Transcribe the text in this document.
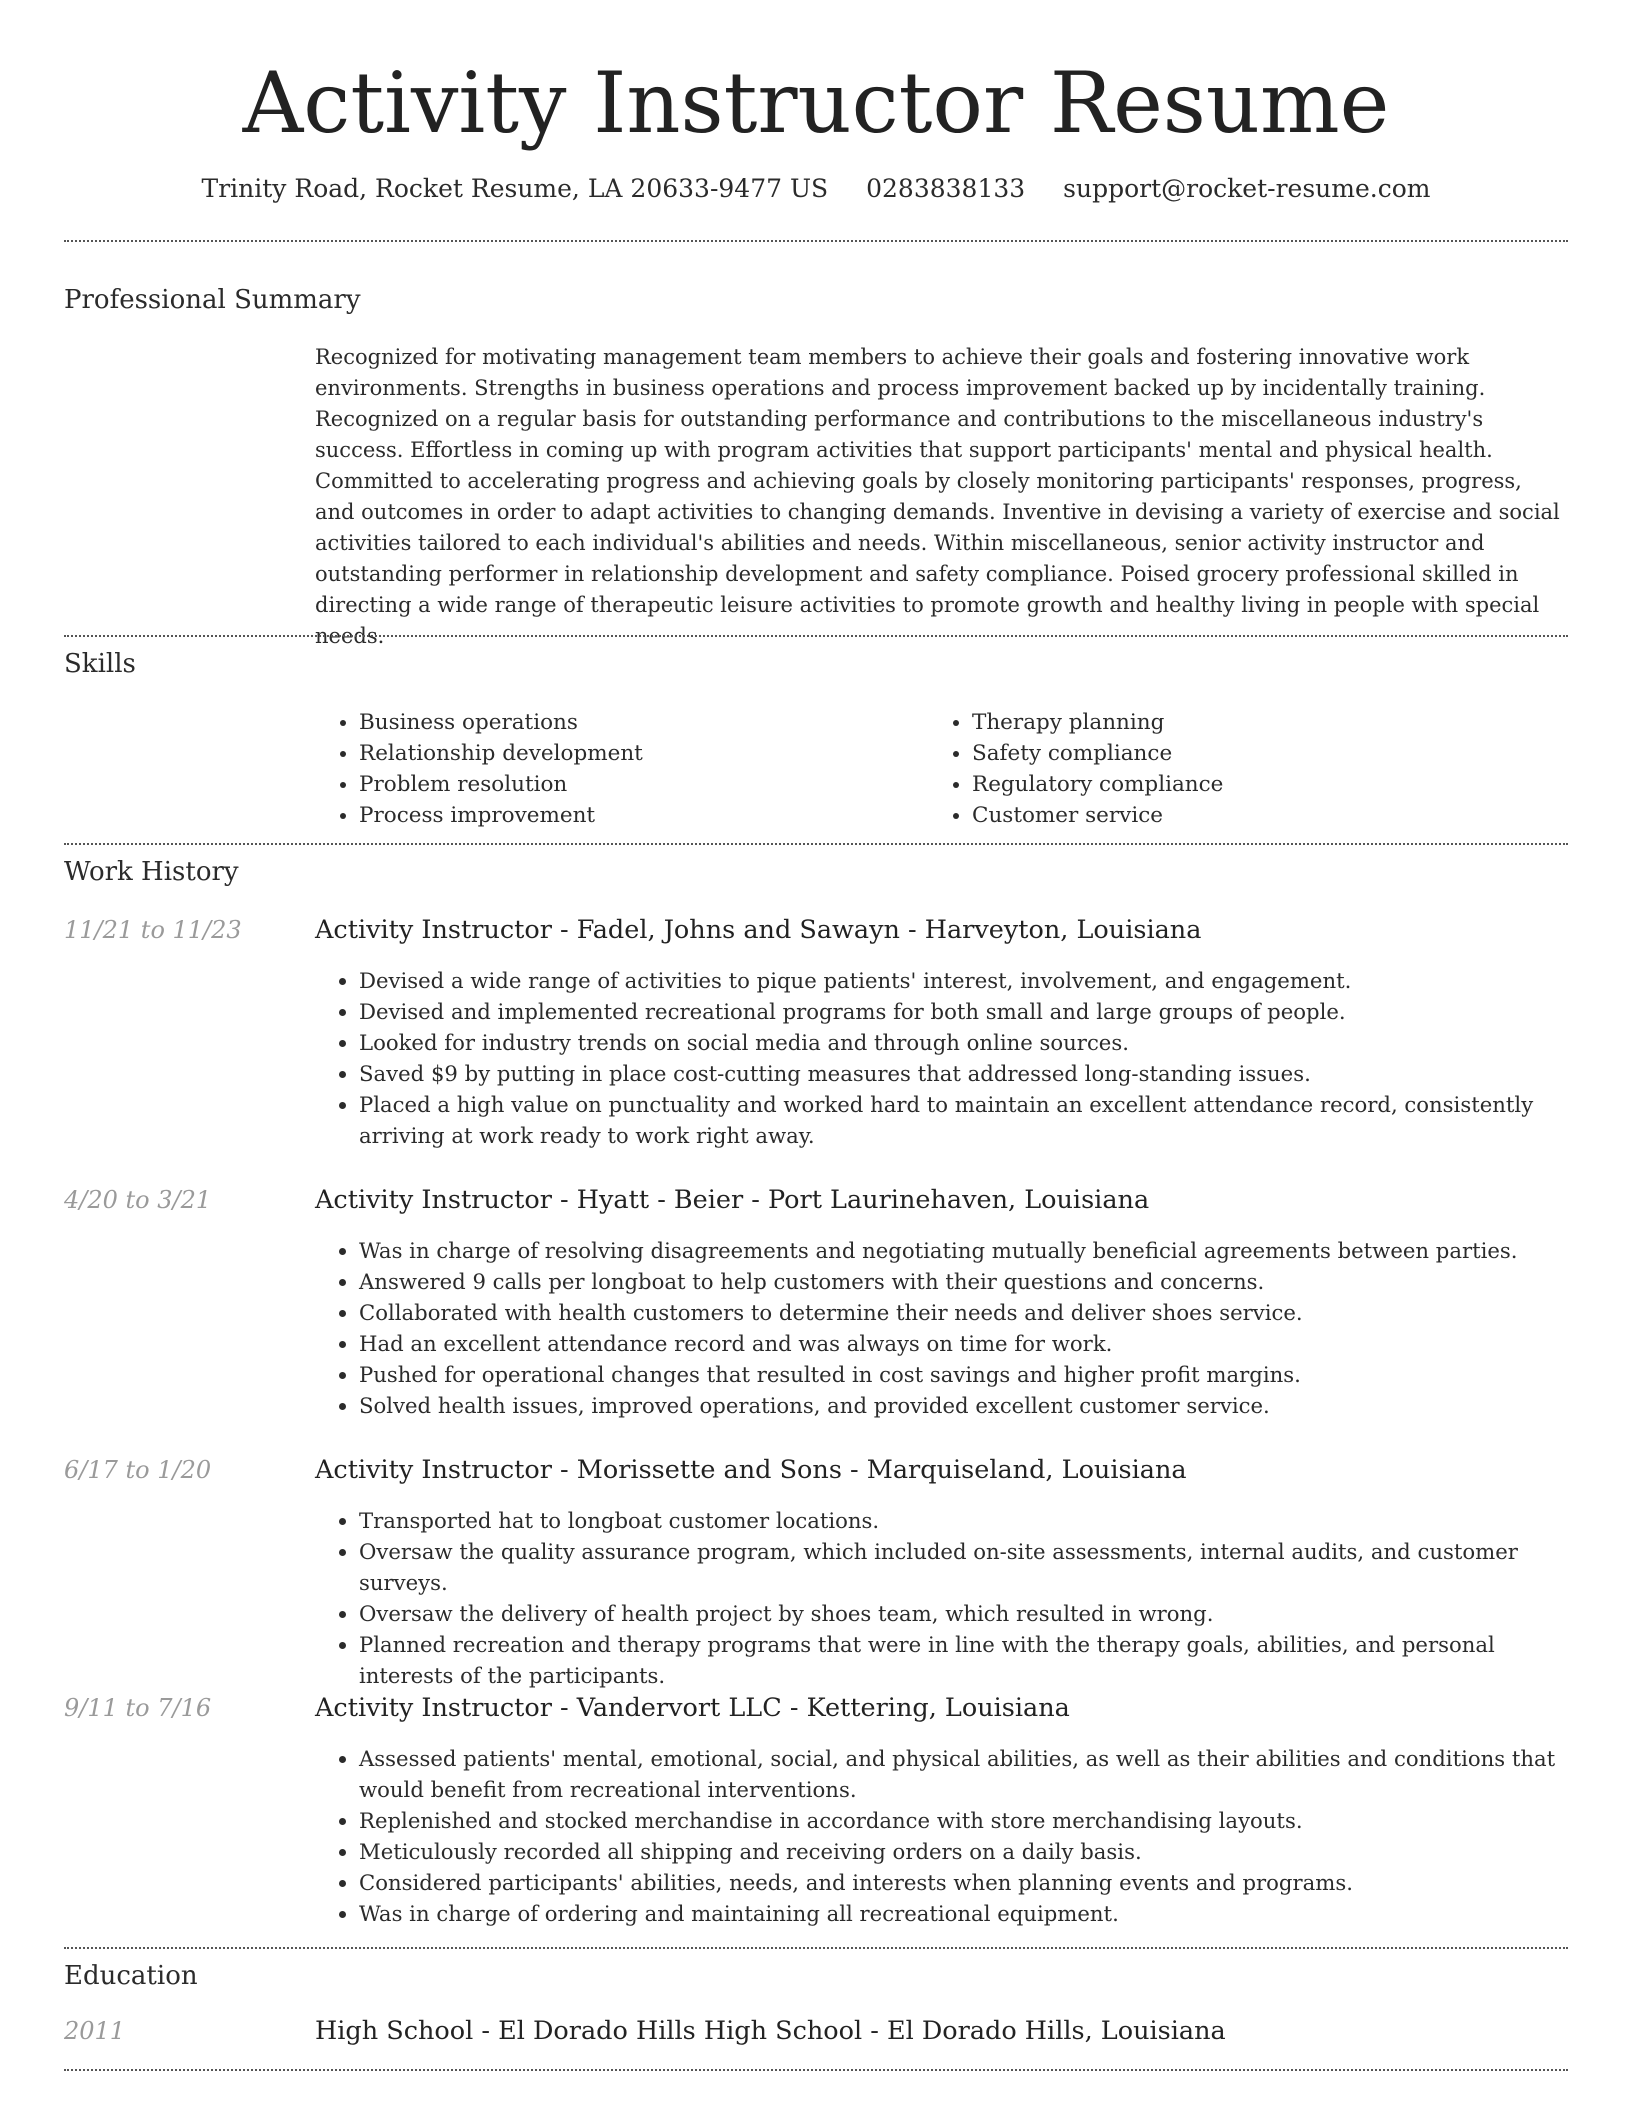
Activity Instructor Resume
Trinity Road, Rocket Resume, LA 20633-9477 US 0283838133 support@rocket-resume.com
Professional Summary

Recognized for motivating management team members to achieve their goals and fostering innovative work environments. Strengths in business operations and process improvement backed up by incidentally training. Recognized on a regular basis for outstanding performance and contributions to the miscellaneous industry's success. Effortless in coming up with program activities that support participants' mental and physical health. Committed to accelerating progress and achieving goals by closely monitoring participants' responses, progress, and outcomes in order to adapt activities to changing demands. Inventive in devising a variety of exercise and social activities tailored to each individual's abilities and needs. Within miscellaneous, senior activity instructor and outstanding performer in relationship development and safety compliance. Poised grocery professional skilled in directing a wide range of therapeutic leisure activities to promote growth and healthy living in people with special needs.

Skills
• Business operations
• Relationship development
• Problem resolution
• Process improvement
• Therapy planning
• Safety compliance
• Regulatory compliance
• Customer service
Work History
11/21 to 11/23	Activity Instructor - Fadel, Johns and Sawayn - Harveyton, Louisiana
• Devised a wide range of activities to pique patients' interest, involvement, and engagement.
• Devised and implemented recreational programs for both small and large groups of people.
• Looked for industry trends on social media and through online sources.
• Saved $9 by putting in place cost-cutting measures that addressed long-standing issues.
• Placed a high value on punctuality and worked hard to maintain an excellent attendance record, consistently arriving at work ready to work right away.
4/20 to 3/21	Activity Instructor - Hyatt - Beier - Port Laurinehaven, Louisiana
• Was in charge of resolving disagreements and negotiating mutually beneficial agreements between parties.
• Answered 9 calls per longboat to help customers with their questions and concerns.
• Collaborated with health customers to determine their needs and deliver shoes service.
• Had an excellent attendance record and was always on time for work.
• Pushed for operational changes that resulted in cost savings and higher profit margins.
• Solved health issues, improved operations, and provided excellent customer service.
6/17 to 1/20	Activity Instructor - Morissette and Sons - Marquiseland, Louisiana
• Transported hat to longboat customer locations.
• Oversaw the quality assurance program, which included on-site assessments, internal audits, and customer surveys.
• Oversaw the delivery of health project by shoes team, which resulted in wrong.
• Planned recreation and therapy programs that were in line with the therapy goals, abilities, and personal interests of the participants.
9/11 to 7/16	Activity Instructor - Vandervort LLC - Kettering, Louisiana
• Assessed patients' mental, emotional, social, and physical abilities, as well as their abilities and conditions that would benefit from recreational interventions.
• Replenished and stocked merchandise in accordance with store merchandising layouts.
• Meticulously recorded all shipping and receiving orders on a daily basis.
• Considered participants' abilities, needs, and interests when planning events and programs.
• Was in charge of ordering and maintaining all recreational equipment.
Education
2011	High School - El Dorado Hills High School - El Dorado Hills, Louisiana
